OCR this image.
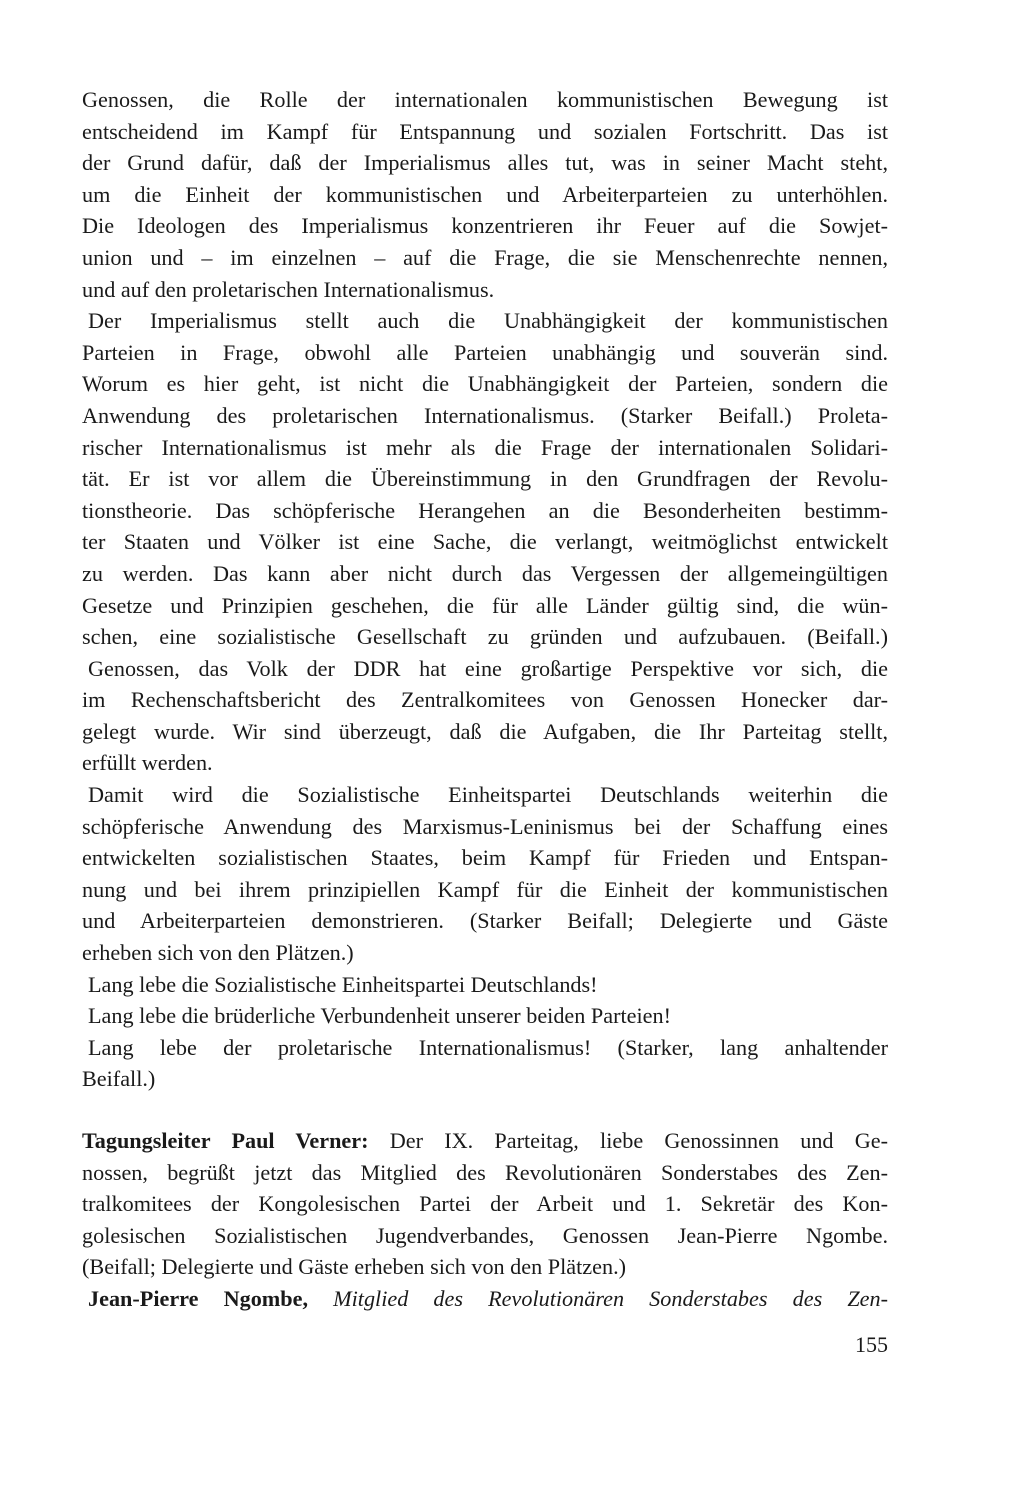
Genossen, die Rolle der internationalen kommunistischen Bewegung ist
entscheidend im Kampf für Entspannung und sozialen Fortschritt. Das ist
der Grund dafür, daß der Imperialismus alles tut, was in seiner Macht steht,
um die Einheit der kommunistischen und Arbeiterparteien zu unterhöhlen.
Die Ideologen des Imperialismus konzentrieren ihr Feuer auf die Sowjet-
union und – im einzelnen – auf die Frage, die sie Menschenrechte nennen,
und auf den proletarischen Internationalismus.

Der Imperialismus stellt auch die Unabhängigkeit der kommunistischen
Parteien in Frage, obwohl alle Parteien unabhängig und souverän sind.
Worum es hier geht, ist nicht die Unabhängigkeit der Parteien, sondern die
Anwendung des proletarischen Internationalismus. (Starker Beifall.) Proleta-
rischer Internationalismus ist mehr als die Frage der internationalen Solidari-
tät. Er ist vor allem die Übereinstimmung in den Grundfragen der Revolu-
tionstheorie. Das schöpferische Herangehen an die Besonderheiten bestimm-
ter Staaten und Völker ist eine Sache, die verlangt, weitmöglichst entwickelt
zu werden. Das kann aber nicht durch das Vergessen der allgemeingültigen
Gesetze und Prinzipien geschehen, die für alle Länder gültig sind, die wün-
schen, eine sozialistische Gesellschaft zu gründen und aufzubauen. (Beifall.)

Genossen, das Volk der DDR hat eine großartige Perspektive vor sich, die
im Rechenschaftsbericht des Zentralkomitees von Genossen Honecker dar-
gelegt wurde. Wir sind überzeugt, daß die Aufgaben, die Ihr Parteitag stellt,
erfüllt werden.

Damit wird die Sozialistische Einheitspartei Deutschlands weiterhin die
schöpferische Anwendung des Marxismus-Leninismus bei der Schaffung eines
entwickelten sozialistischen Staates, beim Kampf für Frieden und Entspan-
nung und bei ihrem prinzipiellen Kampf für die Einheit der kommunistischen
und Arbeiterparteien demonstrieren. (Starker Beifall; Delegierte und Gäste
erheben sich von den Plätzen.)

Lang lebe die Sozialistische Einheitspartei Deutschlands!

Lang lebe die brüderliche Verbundenheit unserer beiden Parteien!

Lang lebe der proletarische Internationalismus! (Starker, lang anhaltender
Beifall.)

Tagungsleiter Paul Verner: Der IX. Parteitag, liebe Genossinnen und Ge-
nossen, begrüßt jetzt das Mitglied des Revolutionären Sonderstabes des Zen-
tralkomitees der Kongolesischen Partei der Arbeit und 1. Sekretär des Kon-
golesischen Sozialistischen Jugendverbandes, Genossen Jean-Pierre Ngombe.
(Beifall; Delegierte und Gäste erheben sich von den Plätzen.)

Jean-Pierre Ngombe, Mitglied des Revolutionären Sonderstabes des Zen-

155
